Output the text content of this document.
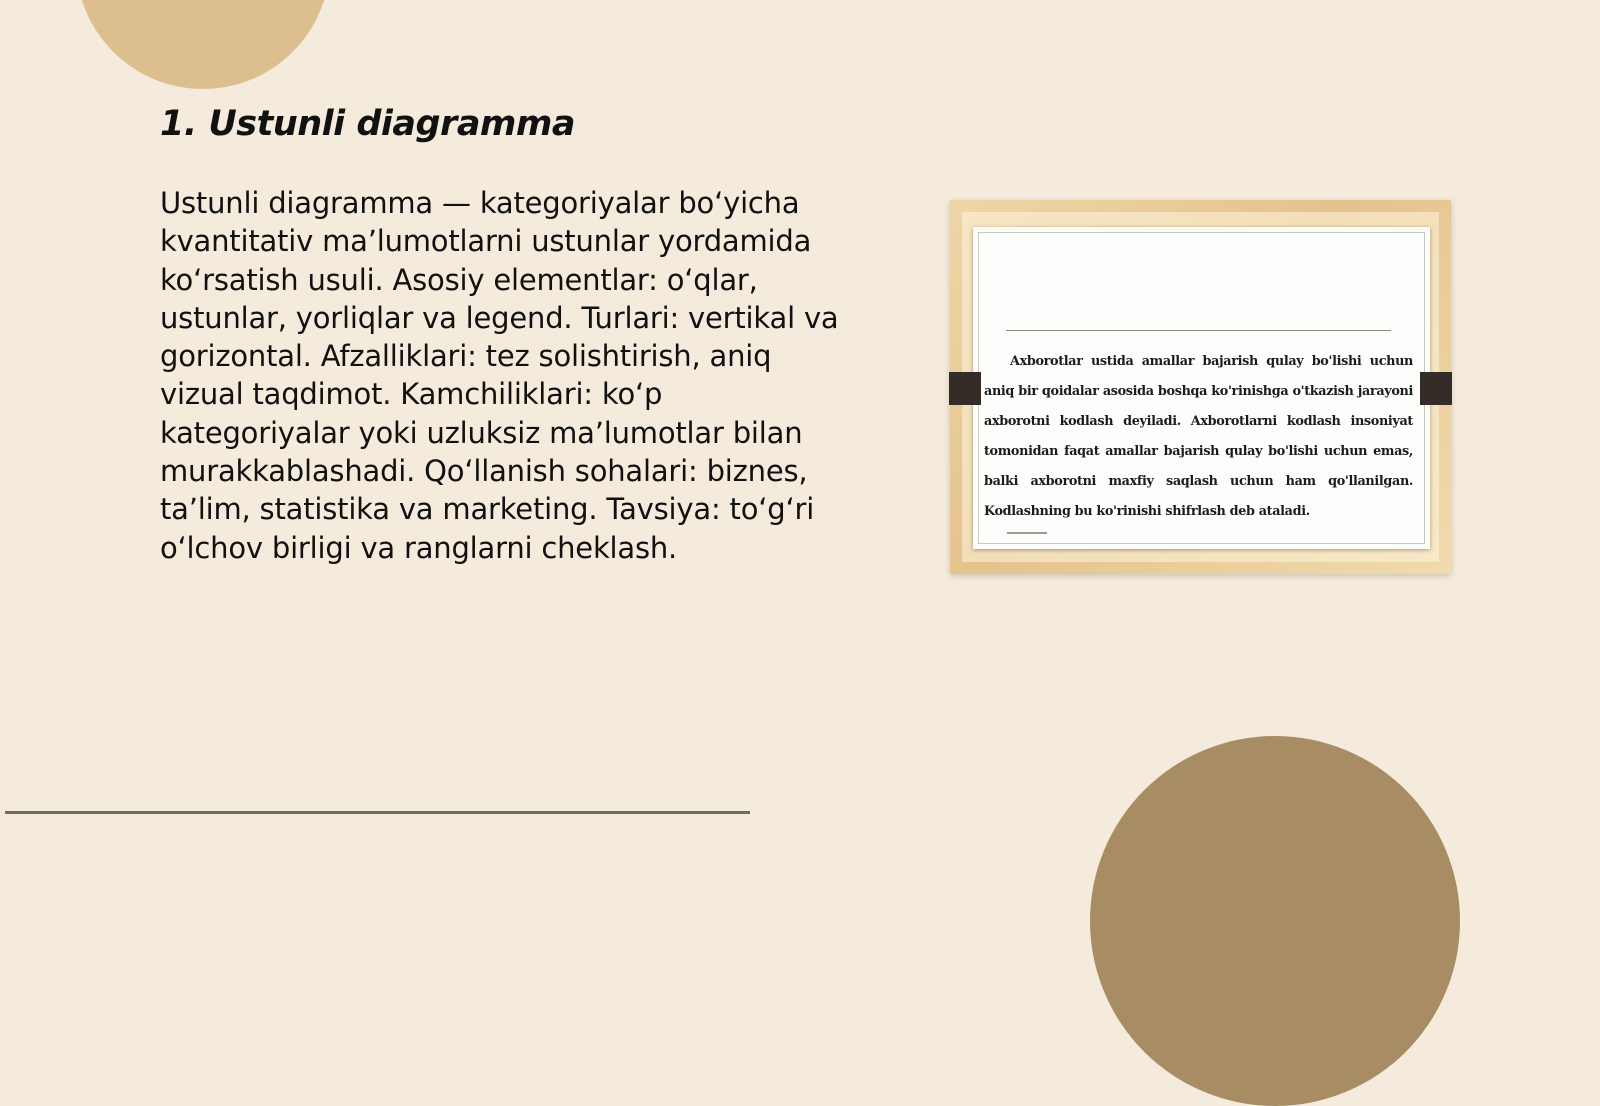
1. Ustunli diagramma

Ustunli diagramma — kategoriyalar bo‘yicha kvantitativ ma’lumotlarni ustunlar yordamida ko‘rsatish usuli. Asosiy elementlar: o‘qlar, ustunlar, yorliqlar va legend. Turlari: vertikal va gorizontal. Afzalliklari: tez solishtirish, aniq vizual taqdimot. Kamchiliklari: ko‘p kategoriyalar yoki uzluksiz ma’lumotlar bilan murakkablashadi. Qo‘llanish sohalari: biznes, ta’lim, statistika va marketing. Tavsiya: to‘g‘ri o‘lchov birligi va ranglarni cheklash.

Axborotlar ustida amallar bajarish qulay bo'lishi uchun aniq bir qoidalar asosida boshqa ko'rinishga o'tkazish jarayoni axborotni kodlash deyiladi. Axborotlarni kodlash insoniyat tomonidan faqat amallar bajarish qulay bo'lishi uchun emas, balki axborotni maxfiy saqlash uchun ham qo'llanilgan. Kodlashning bu ko'rinishi shifrlash deb ataladi.
